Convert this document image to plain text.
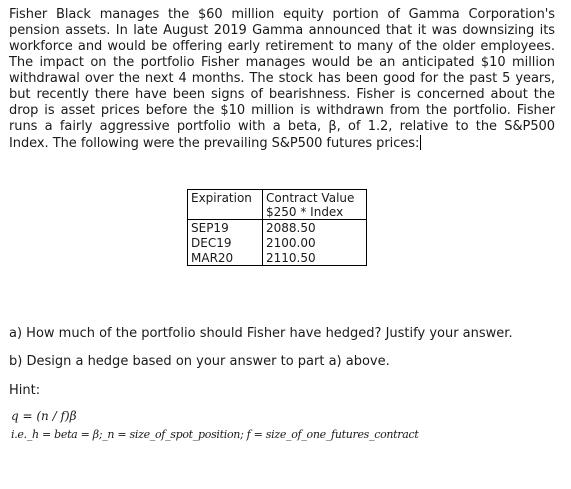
Fisher Black manages the $60 million equity portion of Gamma Corporation's
pension assets. In late August 2019 Gamma announced that it was downsizing its
workforce and would be offering early retirement to many of the older employees.
The impact on the portfolio Fisher manages would be an anticipated $10 million
withdrawal over the next 4 months. The stock has been good for the past 5 years,
but recently there have been signs of bearishness. Fisher is concerned about the
drop is asset prices before the $10 million is withdrawn from the portfolio. Fisher
runs a fairly aggressive portfolio with a beta, β, of 1.2, relative to the S&P500
Index. The following were the prevailing S&P500 futures prices:
Expiration	Contract Value
$250 * Index
SEP19	2088.50
DEC19	2100.00
MAR20	2110.50
a) How much of the portfolio should Fisher have hedged? Justify your answer.
b) Design a hedge based on your answer to part a) above.
Hint:
q = (n / f)β
i.e._h = beta = β;_n = size_of_spot_position; f = size_of_one_futures_contract
